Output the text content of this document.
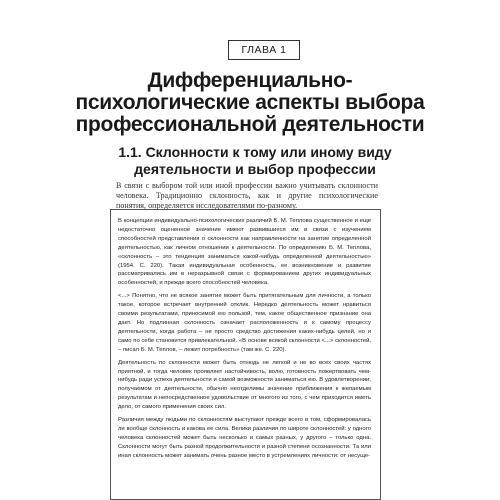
ГЛАВА 1
Дифференциально-
психологические аспекты выбора
профессиональной деятельности
1.1. Склонности к тому или иному виду
деятельности и выбор профессии

В связи с выбором той или иной профессии важно учитывать склонности человека. Традиционно склонность, как и другие психологические понятия, определяется исследователями по-разному.

В концепции индивидуально-психологических различий Б. М. Теплова существенное и еще недостаточно оцененное значение имеют развившиеся им в связи с изучением способностей представления о склонности как направленности на занятие определенной деятельностью, как личном отношении к деятельности. По определению Б. М. Теплова, «склонность – это тенденция заниматься какой-нибудь определенной деятельностью» (1954. С. 220). Такая индивидуальная особенность, ее возникновение и развитие рассматривались им в неразрывной связи с формированием других индивидуальных особенностей, и прежде всего способностей человека.

<...> Понятно, что не всякое занятие может быть притягательным для личности, а только такое, которое встречает внутренний отклик. Нередко деятельность может нравиться своими результатами, приносимой ею пользой, тем, какое общественное признание она дает. Но подлинная склонность означает расположенность и к самому процессу деятельности, когда работа – не просто средство достижения каких-нибудь целей, но и само по себе становится привлекательной. «В основе всякой склонности <...> склонностей, – писал Б. М. Теплов, – лежит потребность» (там же. С. 220).

Деятельность по склонности может быть отнюдь не легкой и не во всех своих частях приятной, и тогда человек проявляет настойчивость, волю, готовность пожертвовать чем-нибудь ради успеха деятельности и самой возможности заниматься ею. В удовлетворении, получаемом от деятельности, обычно неотделимы значение приближения к желаемым результатам и непосредственное удовольствие от многого из того, с чем приходится иметь дело, от самого применения своих сил.

Различия между людьми по склонностям выступают прежде всего в том, сформировалась ли вообще склонность и какова ее сила. Велики различия по широте склонностей: у одного человека склонностей может быть несколько и самых разных, у другого – только одна. Склонности могут быть разной продолжительности и разной степени осознанности. Та или иная склонность может занимать очень разное место в устремлениях личности: от несуще-
